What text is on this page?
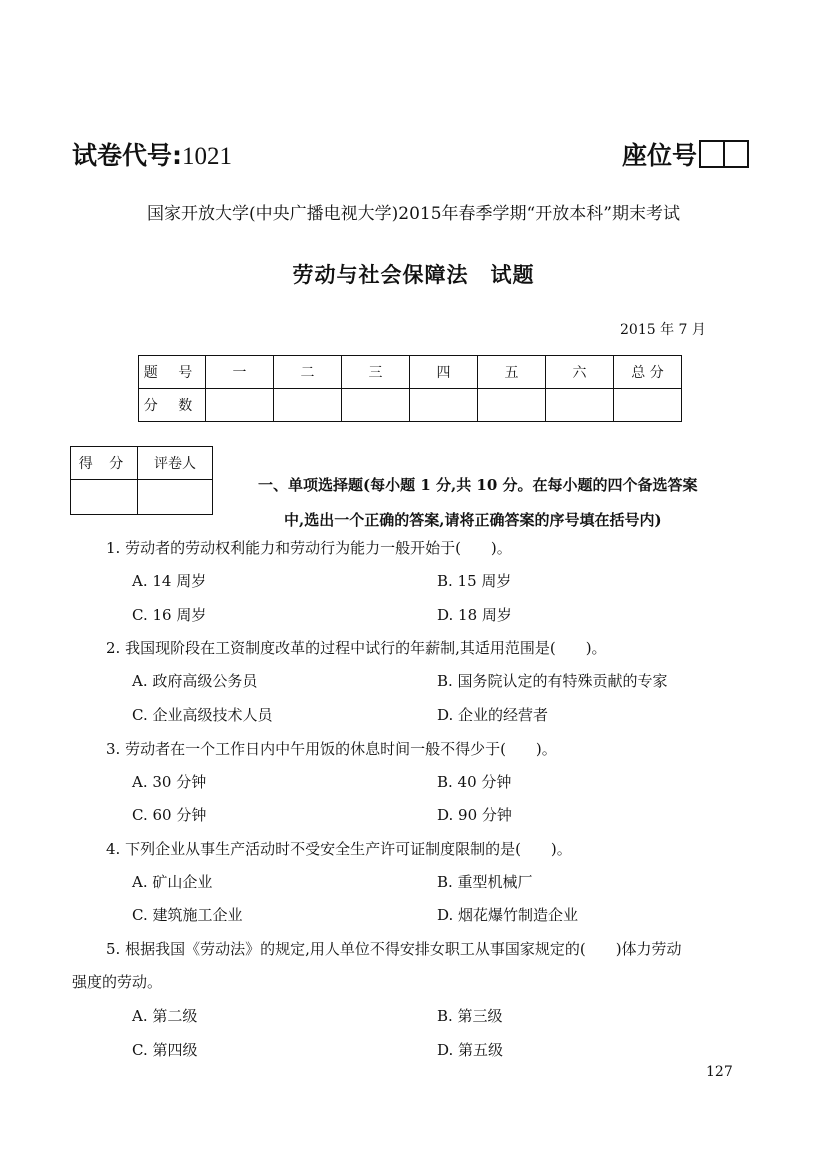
试卷代号:1021	座位号
国家开放大学(中央广播电视大学)2015年春季学期“开放本科”期末考试
劳动与社会保障法　试题
2015 年 7 月
题 号	一	二	三	四	五	六	总 分
分 数							
得 分	评卷人

一、单项选择题(每小题 1 分,共 10 分。在每小题的四个备选答案
中,选出一个正确的答案,请将正确答案的序号填在括号内)
1. 劳动者的劳动权利能力和劳动行为能力一般开始于(　　)。
A. 14 周岁	B. 15 周岁
C. 16 周岁	D. 18 周岁
2. 我国现阶段在工资制度改革的过程中试行的年薪制,其适用范围是(　　)。
A. 政府高级公务员	B. 国务院认定的有特殊贡献的专家
C. 企业高级技术人员	D. 企业的经营者
3. 劳动者在一个工作日内中午用饭的休息时间一般不得少于(　　)。
A. 30 分钟	B. 40 分钟
C. 60 分钟	D. 90 分钟
4. 下列企业从事生产活动时不受安全生产许可证制度限制的是(　　)。
A. 矿山企业	B. 重型机械厂
C. 建筑施工企业	D. 烟花爆竹制造企业
5. 根据我国《劳动法》的规定,用人单位不得安排女职工从事国家规定的(　　)体力劳动
强度的劳动。
A. 第二级	B. 第三级
C. 第四级	D. 第五级
127
